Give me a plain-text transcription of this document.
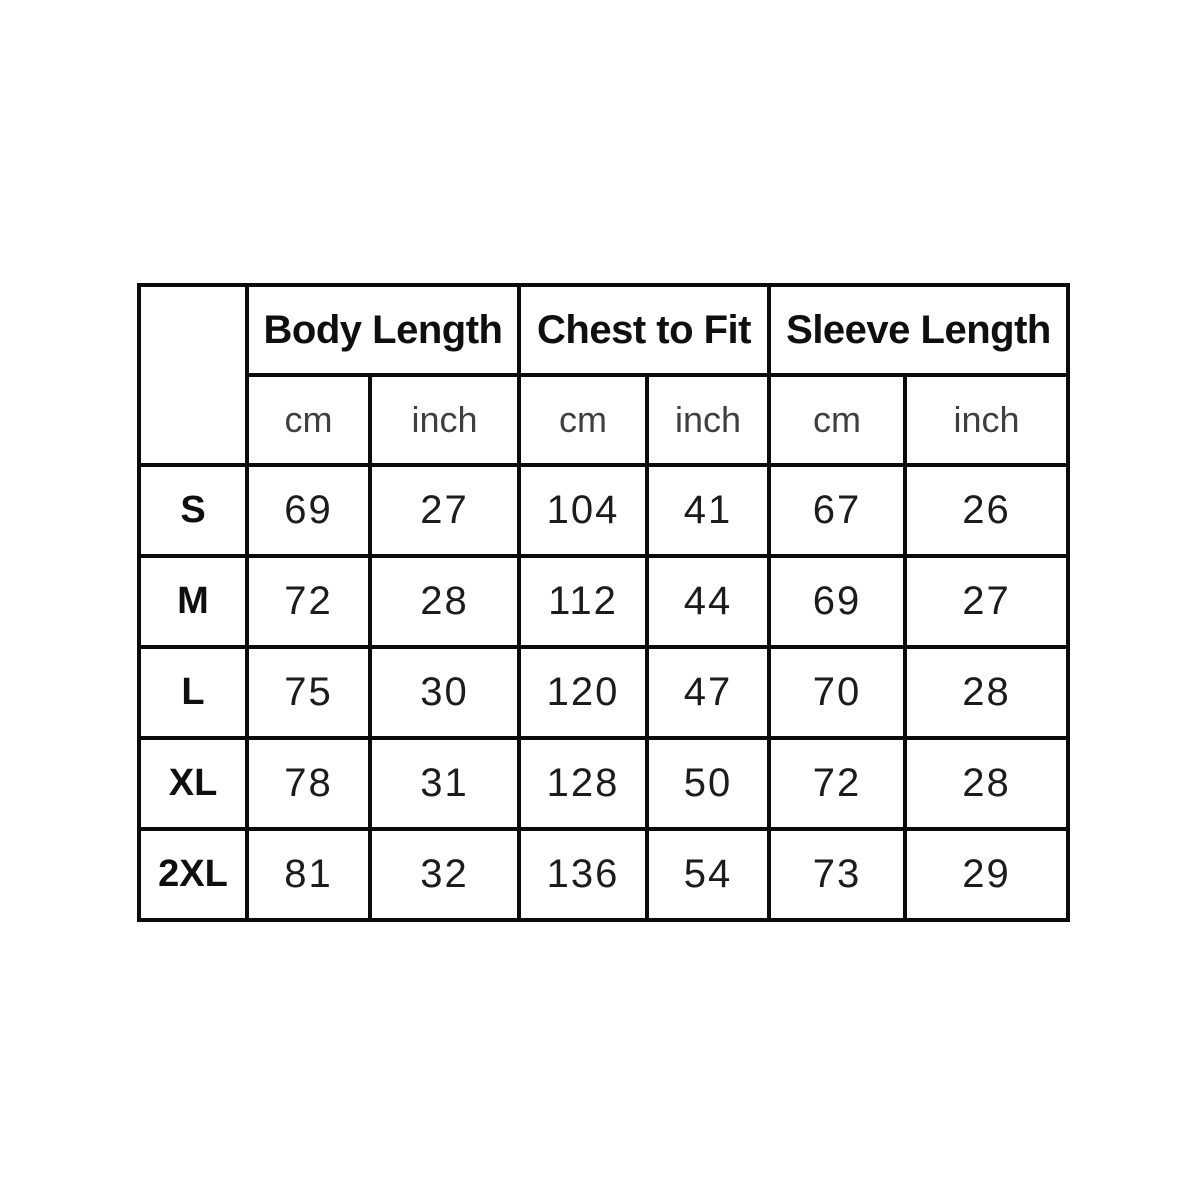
	Body Length		Chest to Fit		Sleeve Length	
	cm	inch	cm	inch	cm	inch
S	69	27	104	41	67	26
M	72	28	112	44	69	27
L	75	30	120	47	70	28
XL	78	31	128	50	72	28
2XL	81	32	136	54	73	29
